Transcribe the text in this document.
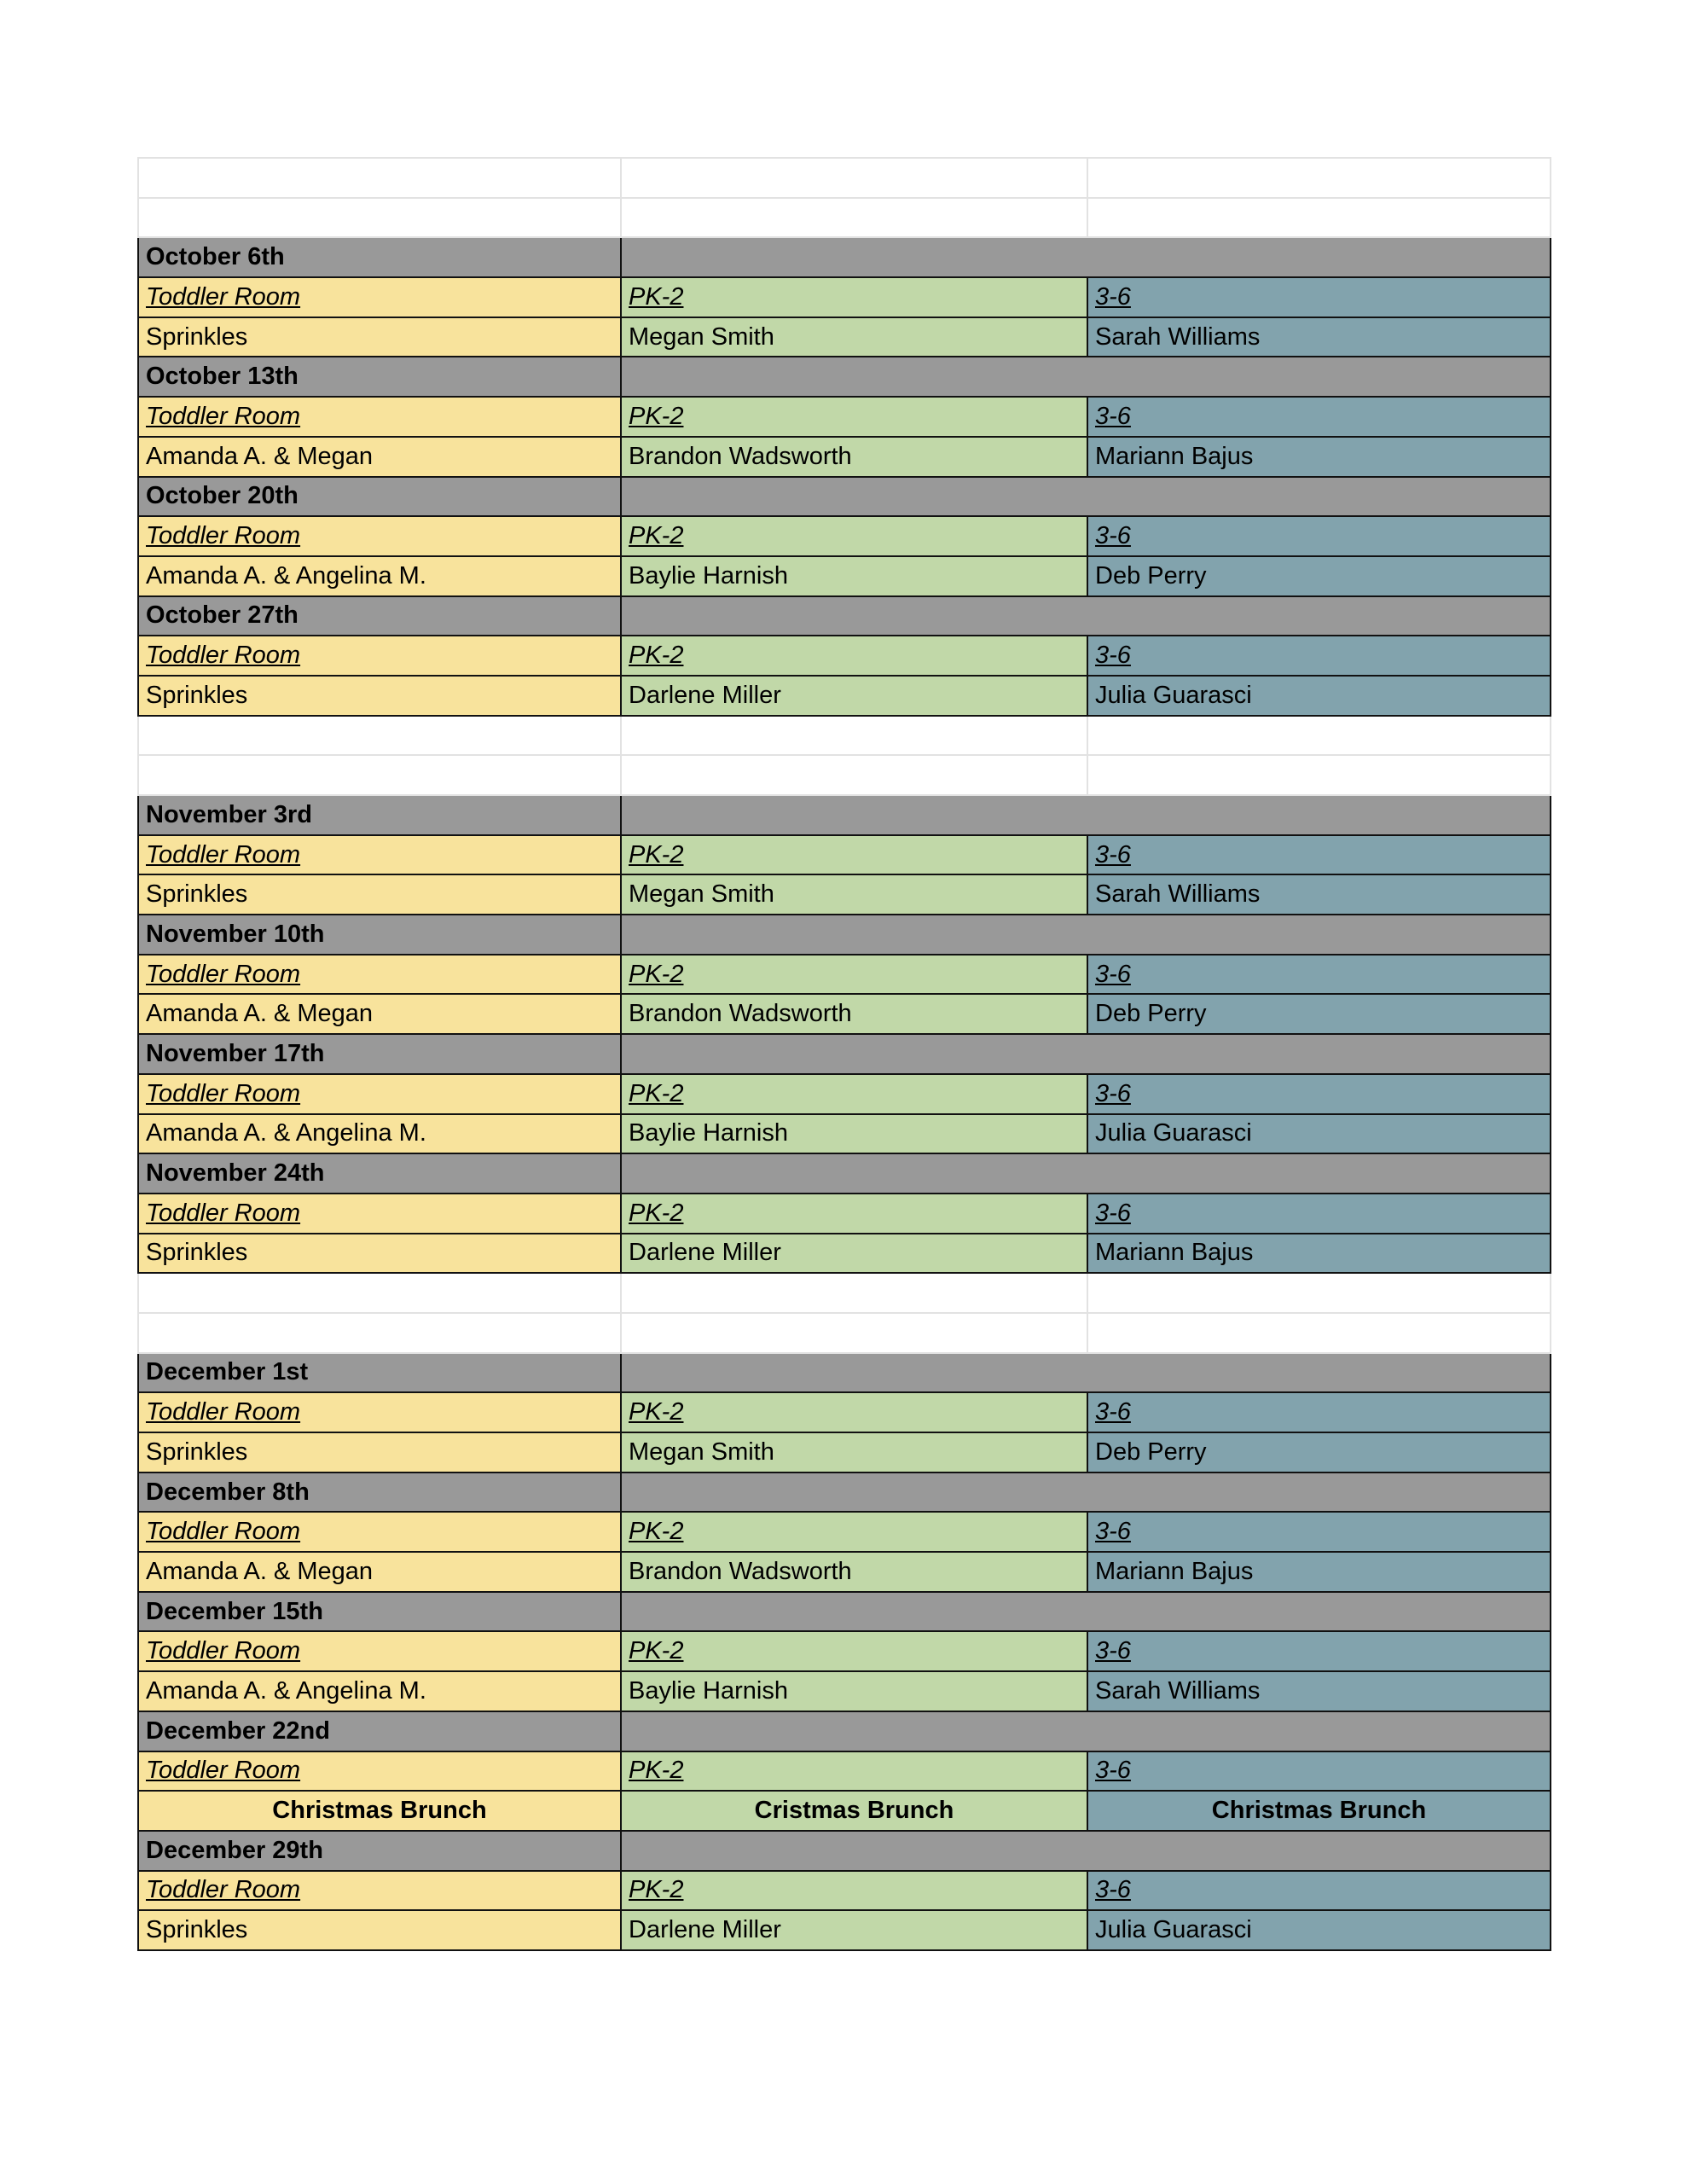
October 6th		
Toddler Room	PK-2	3-6
Sprinkles	Megan Smith	Sarah Williams
October 13th		
Toddler Room	PK-2	3-6
Amanda A. & Megan	Brandon Wadsworth	Mariann Bajus
October 20th		
Toddler Room	PK-2	3-6
Amanda A. & Angelina M.	Baylie Harnish	Deb Perry
October 27th		
Toddler Room	PK-2	3-6
Sprinkles	Darlene Miller	Julia Guarasci

November 3rd		
Toddler Room	PK-2	3-6
Sprinkles	Megan Smith	Sarah Williams
November 10th		
Toddler Room	PK-2	3-6
Amanda A. & Megan	Brandon Wadsworth	Deb Perry
November 17th		
Toddler Room	PK-2	3-6
Amanda A. & Angelina M.	Baylie Harnish	Julia Guarasci
November 24th		
Toddler Room	PK-2	3-6
Sprinkles	Darlene Miller	Mariann Bajus

December 1st		
Toddler Room	PK-2	3-6
Sprinkles	Megan Smith	Deb Perry
December 8th		
Toddler Room	PK-2	3-6
Amanda A. & Megan	Brandon Wadsworth	Mariann Bajus
December 15th		
Toddler Room	PK-2	3-6
Amanda A. & Angelina M.	Baylie Harnish	Sarah Williams
December 22nd		
Toddler Room	PK-2	3-6
Christmas Brunch	Cristmas Brunch	Christmas Brunch
December 29th		
Toddler Room	PK-2	3-6
Sprinkles	Darlene Miller	Julia Guarasci
